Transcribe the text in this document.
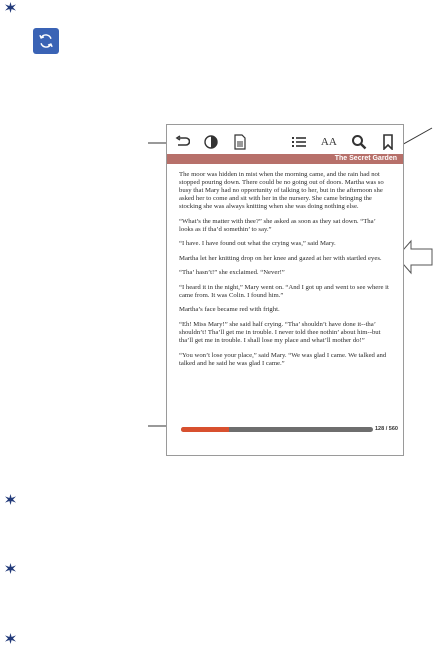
AA
The Secret Garden

The moor was hidden in mist when the morning came, and the rain had not stopped pouring down. There could be no going out of doors. Martha was so busy that Mary had no opportunity of talking to her, but in the afternoon she asked her to come and sit with her in the nursery. She came bringing the stocking she was always knitting when she was doing nothing else.

“What’s the matter with thee?” she asked as soon as they sat down. “Tha’ looks as if tha’d somethin’ to say.”

“I have. I have found out what the crying was,” said Mary.

Martha let her knitting drop on her knee and gazed at her with startled eyes.

“Tha’ hasn’t!” she exclaimed. “Never!”

“I heard it in the night,” Mary went on. “And I got up and went to see where it came from. It was Colin. I found him.”

Martha’s face became red with fright.

“Eh! Miss Mary!” she said half crying. “Tha’ shouldn’t have done it--tha’ shouldn’t! Tha’ll get me in trouble. I never told thee nothin’ about him--but tha’ll get me in trouble. I shall lose my place and what’ll mother do!”

“You won’t lose your place,” said Mary. “We was glad I came. We talked and talked and he said he was glad I came.”

128 / 560
